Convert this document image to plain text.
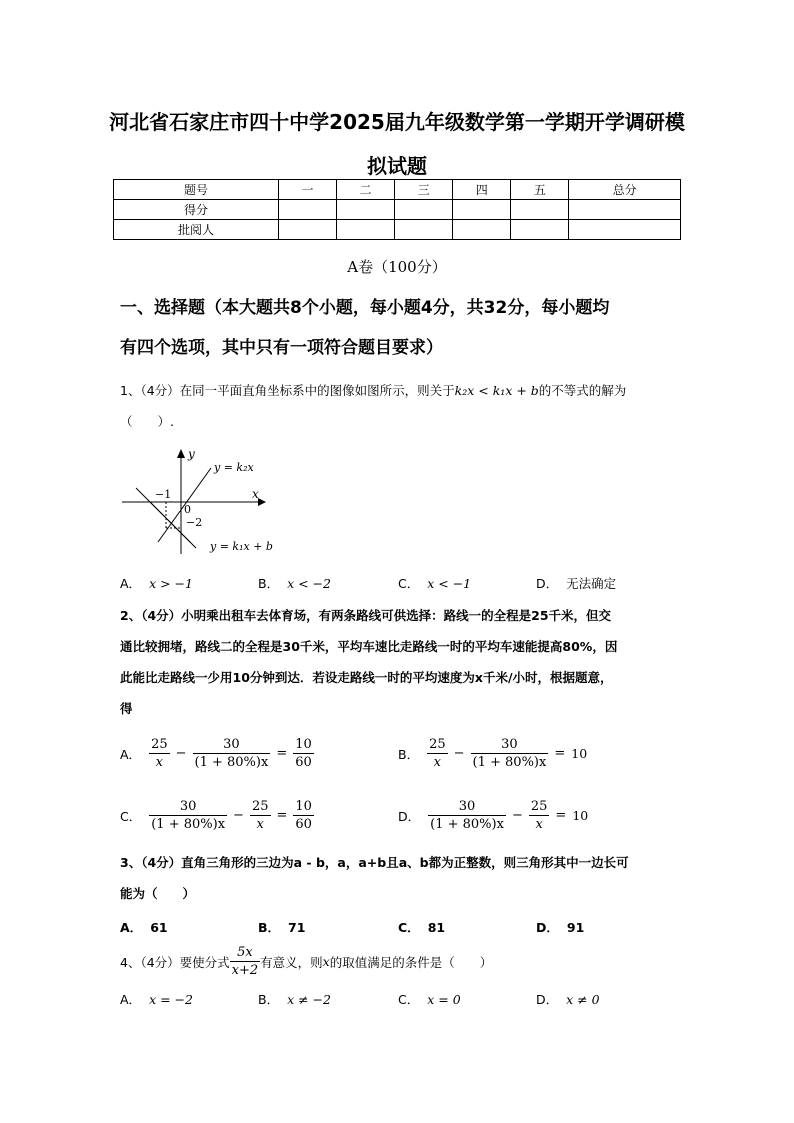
河北省石家庄市四十中学2025届九年级数学第一学期开学调研模
拟试题
题号	一	二	三	四	五	总分
得分						
批阅人						
A卷（100分）
一、选择题（本大题共8个小题，每小题4分，共32分，每小题均
有四个选项，其中只有一项符合题目要求）
1、（4分）在同一平面直角坐标系中的图像如图所示，则关于k₂x < k₁x + b的不等式的解为
（　　）.
y
x
0
−1
−2
y = k₂x
y = k₁x + b
A． x > −1	B． x < −2	C． x < −1	D． 无法确定
2、（4分）小明乘出租车去体育场，有两条路线可供选择：路线一的全程是25千米，但交
通比较拥堵，路线二的全程是30千米，平均车速比走路线一时的平均车速能提高80%，因
此能比走路线一少用10分钟到达．若设走路线一时的平均速度为x千米/小时，根据题意，
得
A． $\frac{25}{x} - \frac{30}{(1 + 80\%)x} = \frac{10}{60}$	B． $\frac{25}{x} - \frac{30}{(1 + 80\%)x} = 10$
C． $\frac{30}{(1 + 80\%)x} - \frac{25}{x} = \frac{10}{60}$	D． $\frac{30}{(1 + 80\%)x} - \frac{25}{x} = 10$
3、（4分）直角三角形的三边为a - b，a，a+b且a、b都为正整数，则三角形其中一边长可
能为（　　）
A． 61	B． 71	C． 81	D． 91
4、（4分）要使分式 $\frac{5x}{x+2}$ 有意义，则 x 的取值满足的条件是（　　）
A． x = −2	B． x ≠ −2	C． x = 0	D． x ≠ 0
